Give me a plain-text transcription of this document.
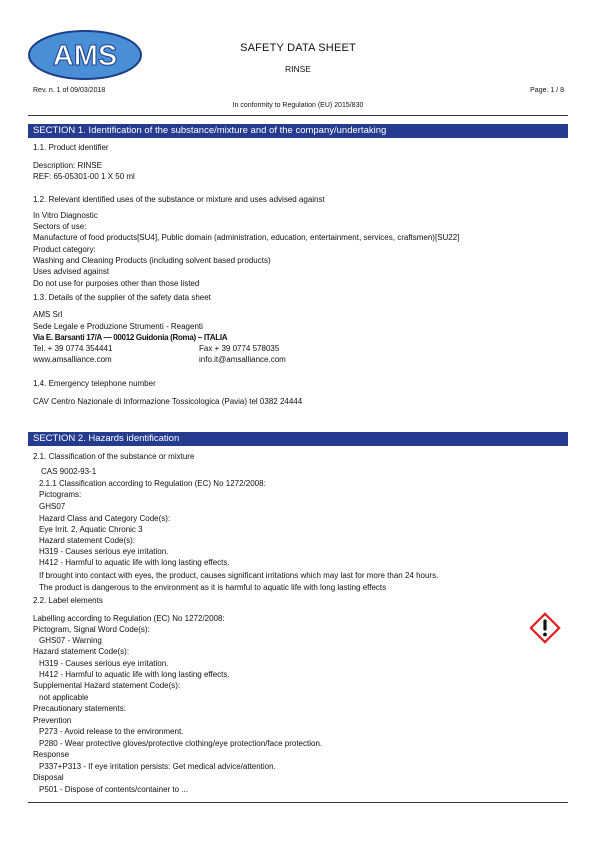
AMS	SAFETY DATA SHEET
RINSE
Rev. n. 1 of 09/03/2018	Page. 1 / 8
In conformity to Regulation (EU) 2015/830
SECTION 1. Identification of the substance/mixture and of the company/undertaking
1.1. Product identifier
Description: RINSE
REF: 65-05301-00 1 X 50 ml
1.2. Relevant identified uses of the substance or mixture and uses advised against
In Vitro Diagnostic
Sectors of use:
Manufacture of food products[SU4], Public domain (administration, education, entertainment, services, craftsmen)[SU22]
Product category:
Washing and Cleaning Products (including solvent based products)
Uses advised against
Do not use for purposes other than those listed
1.3. Details of the supplier of the safety data sheet
AMS Srl
Sede Legale e Produzione Strumenti - Reagenti
Via E. Barsanti 17/A — 00012 Guidonia (Roma) – ITALIA
Tel. + 39 0774 354441	Fax + 39 0774 578035
www.amsalliance.com	info.it@amsalliance.com
1.4. Emergency telephone number
CAV Centro Nazionale di Informazione Tossicologica (Pavia) tel 0382 24444
SECTION 2. Hazards identification
2.1. Classification of the substance or mixture
CAS 9002-93-1
2.1.1 Classification according to Regulation (EC) No 1272/2008:
Pictograms:
GHS07
Hazard Class and Category Code(s):
Eye Irrit. 2, Aquatic Chronic 3
Hazard statement Code(s):
H319 - Causes serious eye irritation.
H412 - Harmful to aquatic life with long lasting effects.
If brought into contact with eyes, the product, causes significant irritations which may last for more than 24 hours.
The product is dangerous to the environment as it is harmful to aquatic life with long lasting effects
2.2. Label elements
Labelling according to Regulation (EC) No 1272/2008:
Pictogram, Signal Word Code(s):
GHS07 - Warning
Hazard statement Code(s):
H319 - Causes serious eye irritation.
H412 - Harmful to aquatic life with long lasting effects.
Supplemental Hazard statement Code(s):
not applicable
Precautionary statements:
Prevention
P273 - Avoid release to the environment.
P280 - Wear protective gloves/protective clothing/eye protection/face protection.
Response
P337+P313 - If eye irritation persists: Get medical advice/attention.
Disposal
P501 - Dispose of contents/container to ...
